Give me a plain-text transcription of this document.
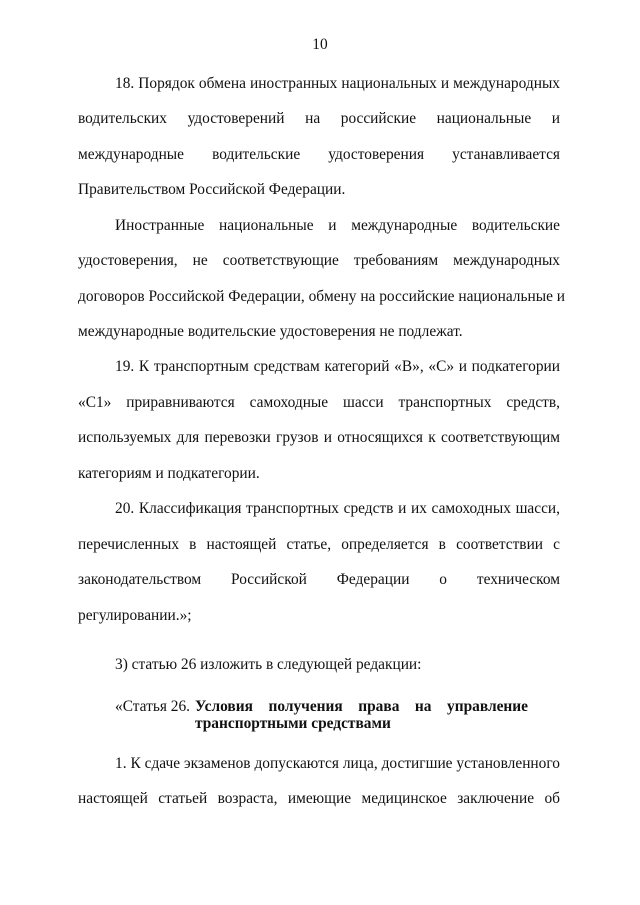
10
18. Порядок обмена иностранных национальных и международных
водительских удостоверений на российские национальные и
международные водительские удостоверения устанавливается
Правительством Российской Федерации.
Иностранные национальные и международные водительские
удостоверения, не соответствующие требованиям международных
договоров Российской Федерации, обмену на российские национальные и
международные водительские удостоверения не подлежат.
19. К транспортным средствам категорий «В», «С» и подкатегории
«С1» приравниваются самоходные шасси транспортных средств,
используемых для перевозки грузов и относящихся к соответствующим
категориям и подкатегории.
20. Классификация транспортных средств и их самоходных шасси,
перечисленных в настоящей статье, определяется в соответствии с
законодательством Российской Федерации о техническом
регулировании.»;
3) статью 26 изложить в следующей редакции:
«Статья 26. Условия получения права на управление
транспортными средствами
1. К сдаче экзаменов допускаются лица, достигшие установленного
настоящей статьей возраста, имеющие медицинское заключение об
